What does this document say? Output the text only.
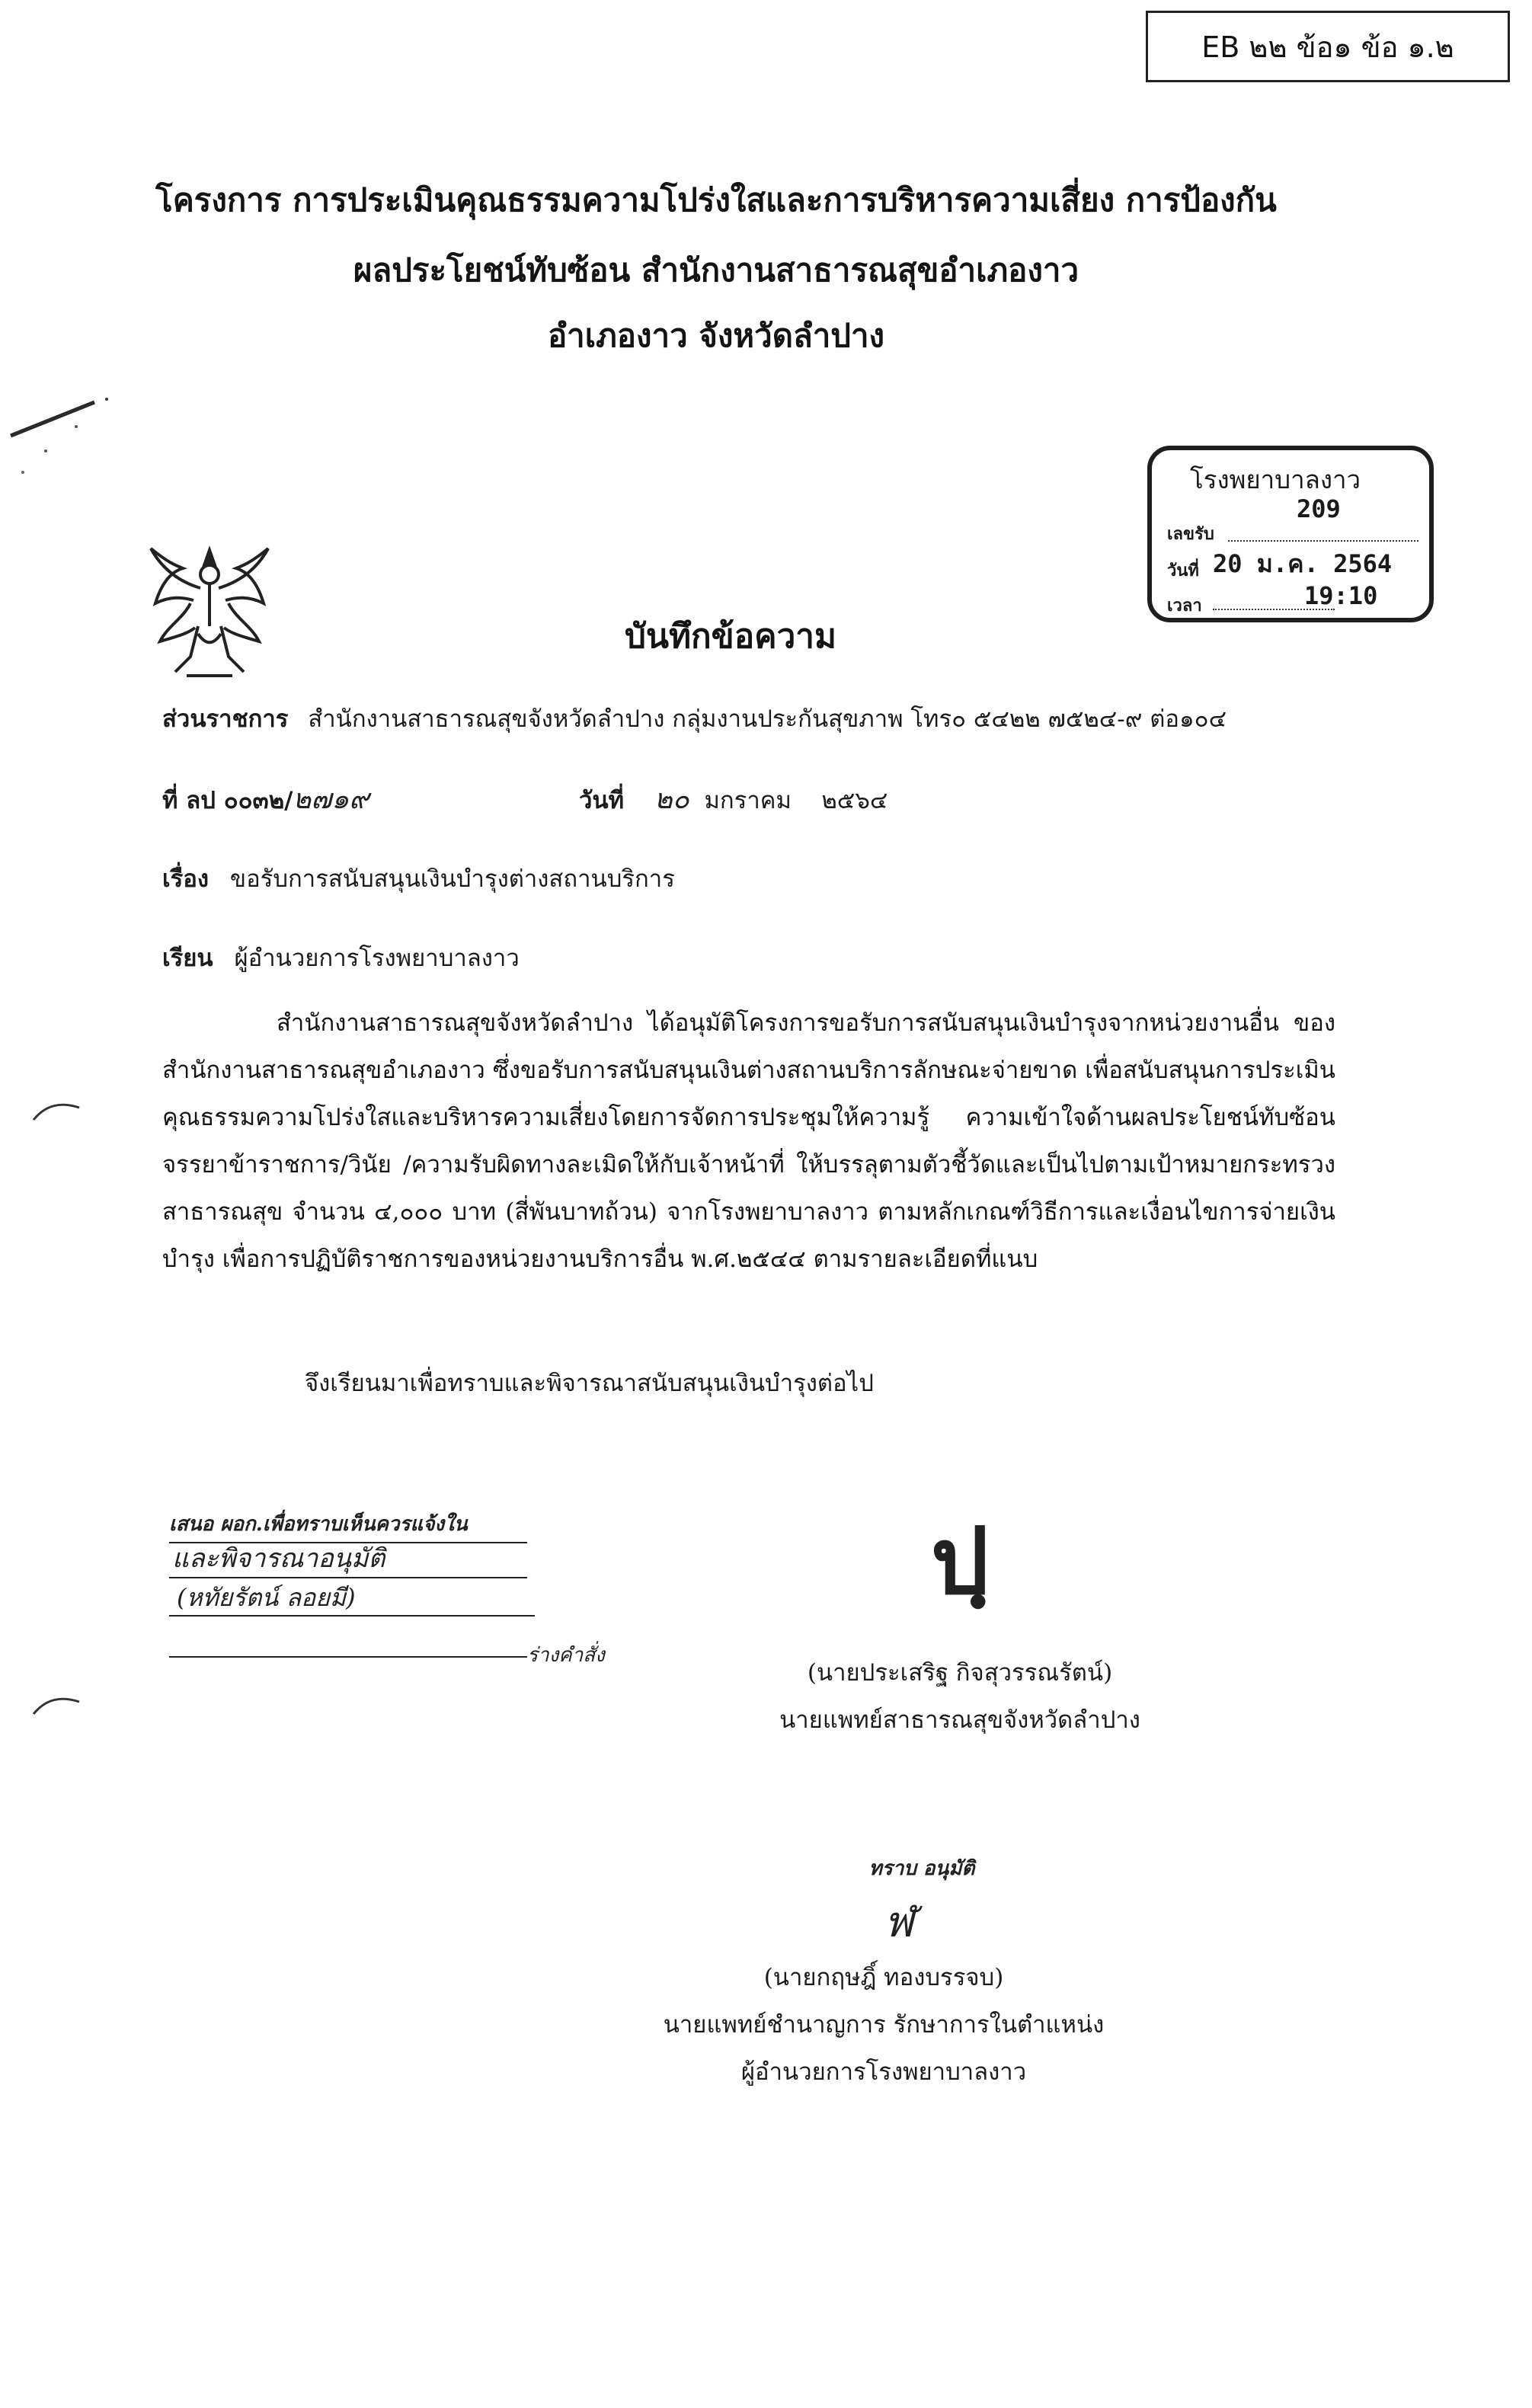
EB ๒๒ ข้อ๑ ข้อ ๑.๒
โครงการ การประเมินคุณธรรมความโปร่งใสและการบริหารความเสี่ยง การป้องกัน
ผลประโยชน์ทับซ้อน สำนักงานสาธารณสุขอำเภองาว
อำเภองาว จังหวัดลำปาง
โรงพยาบาลงาว
209
เลขรับ
วันที่ 20 ม.ค. 2564
เวลา	19:10
บันทึกข้อความ
ส่วนราชการ สำนักงานสาธารณสุขจังหวัดลำปาง กลุ่มงานประกันสุขภาพ โทร๐ ๕๔๒๒ ๗๕๒๔-๙ ต่อ๑๐๔
ที่ ลป ๐๐๓๒/๒๗๑๙	วันที่ ๒๐ มกราคม    ๒๕๖๔
เรื่อง ขอรับการสนับสนุนเงินบำรุงต่างสถานบริการ
เรียน ผู้อำนวยการโรงพยาบาลงาว
สำนักงานสาธารณสุขจังหวัดลำปาง ได้อนุมัติโครงการขอรับการสนับสนุนเงินบำรุงจากหน่วยงานอื่น ของสำนักงานสาธารณสุขอำเภองาว ซึ่งขอรับการสนับสนุนเงินต่างสถานบริการลักษณะจ่ายขาด เพื่อสนับสนุนการประเมินคุณธรรมความโปร่งใสและบริหารความเสี่ยงโดยการจัดการประชุมให้ความรู้ ความเข้าใจด้านผลประโยชน์ทับซ้อน จรรยาข้าราชการ/วินัย /ความรับผิดทางละเมิดให้กับเจ้าหน้าที่ ให้บรรลุตามตัวชี้วัดและเป็นไปตามเป้าหมายกระทรวงสาธารณสุข จำนวน ๔,๐๐๐ บาท (สี่พันบาทถ้วน) จากโรงพยาบาลงาว ตามหลักเกณฑ์วิธีการและเงื่อนไขการจ่ายเงินบำรุง เพื่อการปฏิบัติราชการของหน่วยงานบริการอื่น พ.ศ.๒๕๔๔ ตามรายละเอียดที่แนบ
จึงเรียนมาเพื่อทราบและพิจารณาสนับสนุนเงินบำรุงต่อไป
เสนอ ผอก.เพื่อทราบเห็นควรแจ้งใน
และพิจารณาอนุมัติ
(หทัยรัตน์ ลอยมี)
ร่างคำสั่ง
ปฺ
(นายประเสริฐ กิจสุวรรณรัตน์)
นายแพทย์สาธารณสุขจังหวัดลำปาง
ทราบ อนุมัติ
ฬ
(นายกฤษฎิ์ ทองบรรจบ)
นายแพทย์ชำนาญการ รักษาการในตำแหน่ง
ผู้อำนวยการโรงพยาบาลงาว
